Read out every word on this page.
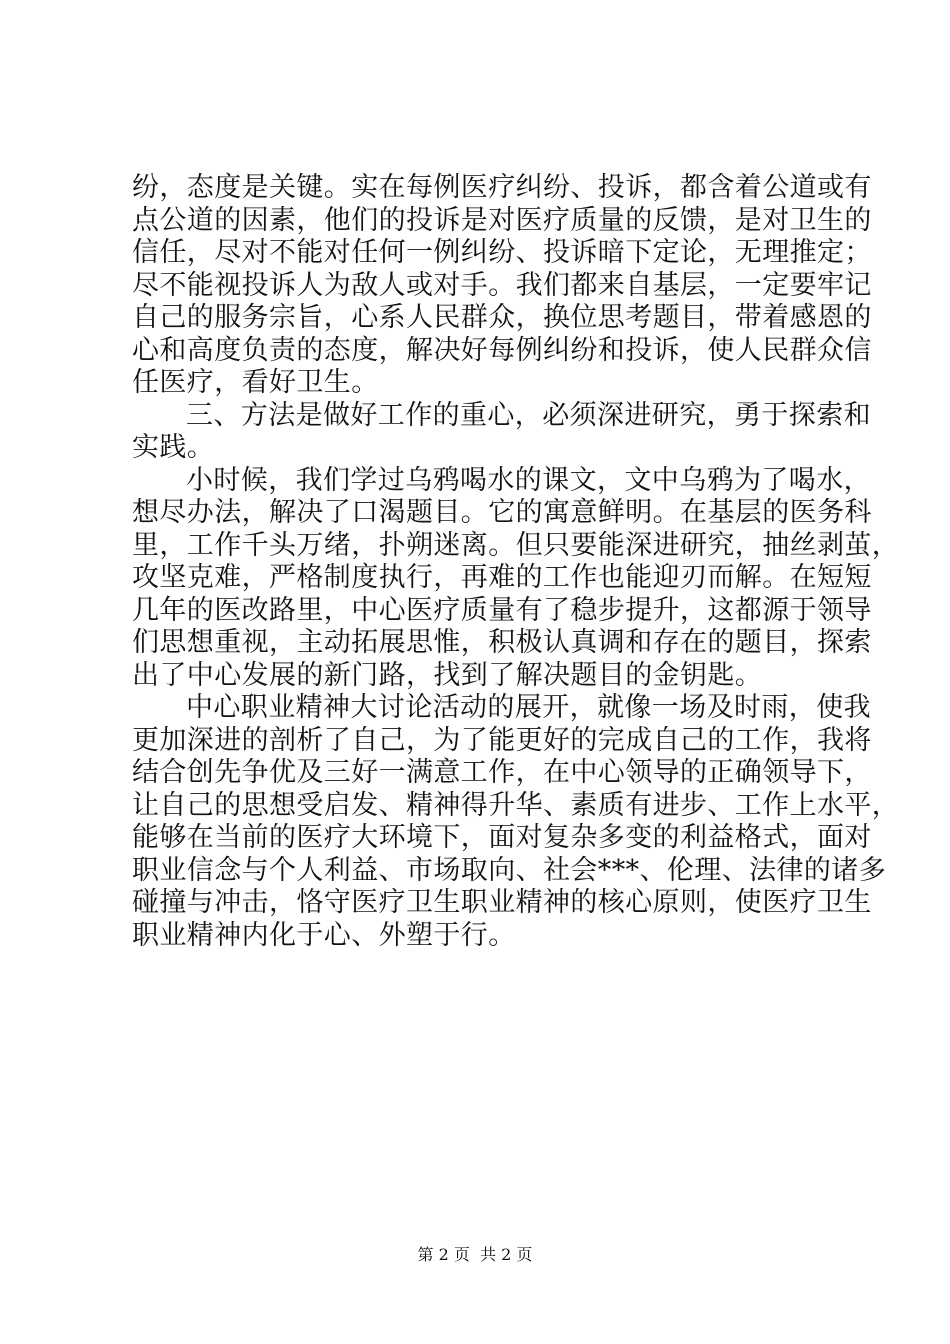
纷，态度是关键。实在每例医疗纠纷、投诉，都含着公道或有
点公道的因素，他们的投诉是对医疗质量的反馈，是对卫生的
信任，尽对不能对任何一例纠纷、投诉暗下定论，无理推定；
尽不能视投诉人为敌人或对手。我们都来自基层，一定要牢记
自己的服务宗旨，心系人民群众，换位思考题目，带着感恩的
心和高度负责的态度，解决好每例纠纷和投诉，使人民群众信
任医疗，看好卫生。
三、方法是做好工作的重心，必须深进研究，勇于探索和
实践。
小时候，我们学过乌鸦喝水的课文，文中乌鸦为了喝水，
想尽办法，解决了口渴题目。它的寓意鲜明。在基层的医务科
里，工作千头万绪，扑朔迷离。但只要能深进研究，抽丝剥茧，
攻坚克难，严格制度执行，再难的工作也能迎刃而解。在短短
几年的医改路里，中心医疗质量有了稳步提升，这都源于领导
们思想重视，主动拓展思惟，积极认真调和存在的题目，探索
出了中心发展的新门路，找到了解决题目的金钥匙。
中心职业精神大讨论活动的展开，就像一场及时雨，使我
更加深进的剖析了自己，为了能更好的完成自己的工作，我将
结合创先争优及三好一满意工作，在中心领导的正确领导下，
让自己的思想受启发、精神得升华、素质有进步、工作上水平，
能够在当前的医疗大环境下，面对复杂多变的利益格式，面对
职业信念与个人利益、市场取向、社会***、伦理、法律的诸多
碰撞与冲击，恪守医疗卫生职业精神的核心原则，使医疗卫生
职业精神内化于心、外塑于行。
第 2 页  共 2 页
